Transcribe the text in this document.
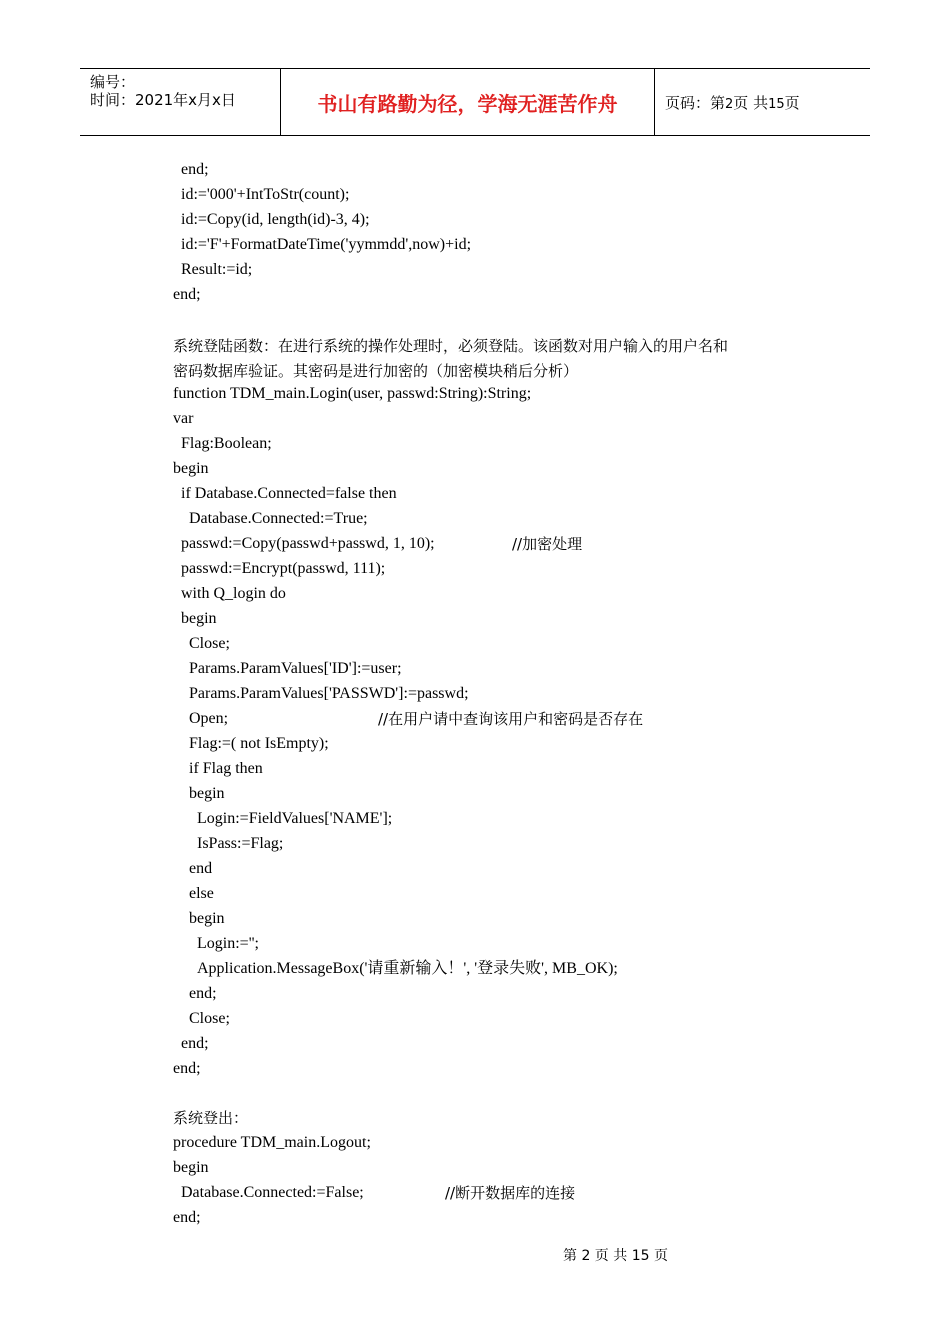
编号：
时间：2021年x月x日	书山有路勤为径，学海无涯苦作舟	页码：第2页 共15页
end;
id:='000'+IntToStr(count);
id:=Copy(id, length(id)-3, 4);
id:='F'+FormatDateTime('yymmdd',now)+id;
Result:=id;
end;
系统登陆函数：在进行系统的操作处理时，必须登陆。该函数对用户输入的用户名和
密码数据库验证。其密码是进行加密的（加密模块稍后分析）
function TDM_main.Login(user, passwd:String):String;
var
Flag:Boolean;
begin
if Database.Connected=false then
Database.Connected:=True;
passwd:=Copy(passwd+passwd, 1, 10);	//加密处理
passwd:=Encrypt(passwd, 111);
with Q_login do
begin
Close;
Params.ParamValues['ID']:=user;
Params.ParamValues['PASSWD']:=passwd;
Open;	//在用户请中查询该用户和密码是否存在
Flag:=( not IsEmpty);
if Flag then
begin
Login:=FieldValues['NAME'];
IsPass:=Flag;
end
else
begin
Login:='';
Application.MessageBox('请重新输入！', '登录失败', MB_OK);
end;
Close;
end;
end;
系统登出：
procedure TDM_main.Logout;
begin
Database.Connected:=False;	//断开数据库的连接
end;
第 2 页 共 15 页
